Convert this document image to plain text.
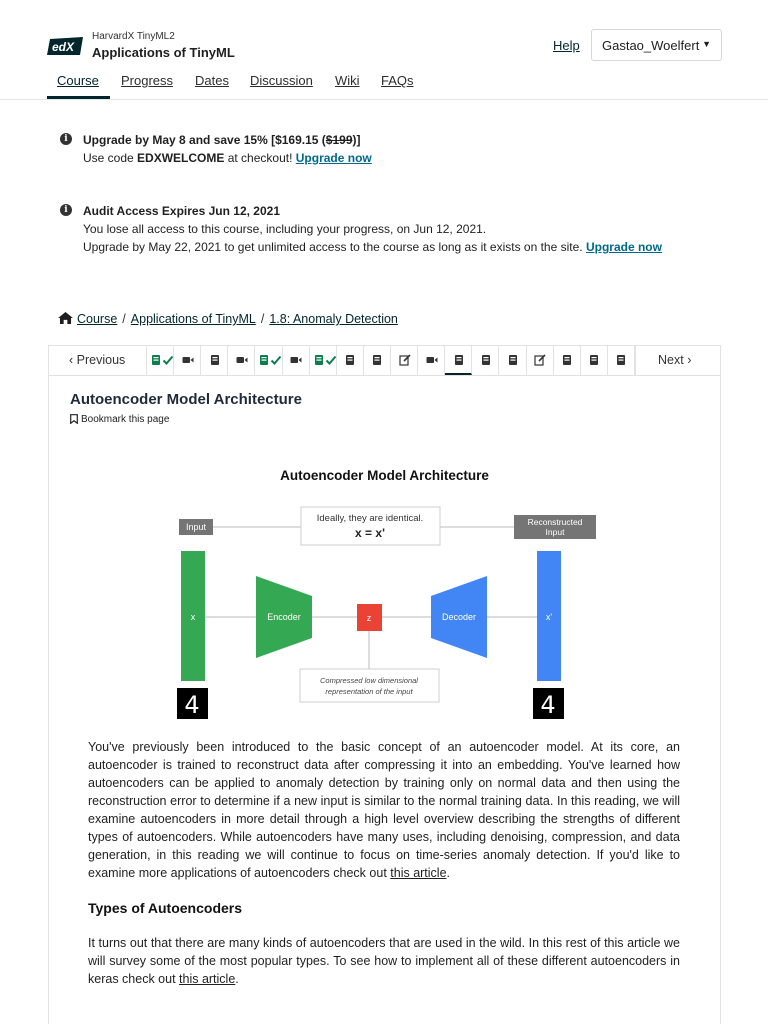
edX
HarvardX TinyML2
Applications of TinyML	Help	Gastao_Woelfert ▼
Course Progress Dates Discussion Wiki FAQs
i	Upgrade by May 8 and save 15% [$169.15 ($199)]
Use code EDXWELCOME at checkout! Upgrade now
i	Audit Access Expires Jun 12, 2021
You lose all access to this course, including your progress, on Jun 12, 2021.
Upgrade by May 22, 2021 to get unlimited access to the course as long as it exists on the site. Upgrade now
Course / Applications of TinyML / 1.8: Anomaly Detection
‹ Previous	Next ›
Autoencoder Model Architecture
Bookmark this page
Autoencoder Model Architecture
Input	Reconstructed
Input
Ideally, they are identical.
x = x'
x	Encoder	z	Decoder	x'
Compressed low dimensional
representation of the input
4	4

You've previously been introduced to the basic concept of an autoencoder model. At its core, an autoencoder is trained to reconstruct data after compressing it into an embedding. You've learned how autoencoders can be applied to anomaly detection by training only on normal data and then using the reconstruction error to determine if a new input is similar to the normal training data. In this reading, we will examine autoencoders in more detail through a high level overview describing the strengths of different types of autoencoders. While autoencoders have many uses, including denoising, compression, and data generation, in this reading we will continue to focus on time-series anomaly detection. If you'd like to examine more applications of autoencoders check out this article.

Types of Autoencoders

It turns out that there are many kinds of autoencoders that are used in the wild. In this rest of this article we will survey some of the most popular types. To see how to implement all of these different autoencoders in keras check out this article.
